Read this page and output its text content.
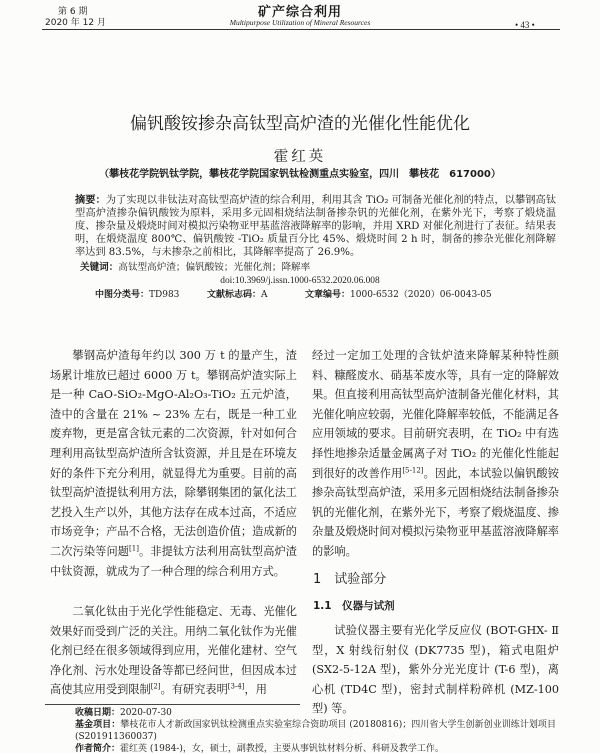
第 6 期
2020 年 12 月
矿产综合利用
Multipurpose Utilization of Mineral Resources	• 43 •
偏钒酸铵掺杂高钛型高炉渣的光催化性能优化
霍红英
（攀枝花学院钒钛学院，攀枝花学院国家钒钛检测重点实验室，四川　攀枝花　617000）
摘要：为了实现以非钛法对高钛型高炉渣的综合利用，利用其含 TiO₂ 可制备光催化剂的特点，以攀钢高钛型高炉渣掺杂偏钒酸铵为原料，采用多元固相烧结法制备掺杂钒的光催化剂，在紫外光下，考察了煅烧温度、掺杂量及煅烧时间对模拟污染物亚甲基蓝溶液降解率的影响，并用 XRD 对催化剂进行了表征。结果表明，在煅烧温度 800℃、偏钒酸铵 -TiO₂ 质量百分比 45%、煅烧时间 2 h 时，制备的掺杂光催化剂降解率达到 83.5%，与未掺杂之前相比，其降解率提高了 26.9%。
关键词：高钛型高炉渣；偏钒酸铵；光催化剂；降解率
doi:10.3969/j.issn.1000-6532.2020.06.008
中图分类号：TD983	文献标志码：A	文章编号：1000-6532（2020）06-0043-05

攀钢高炉渣每年约以 300 万 t 的量产生，渣场累计堆放已超过 6000 万 t。攀钢高炉渣实际上是一种 CaO-SiO₂-MgO-Al₂O₃-TiO₂ 五元炉渣，渣中的含量在 21% ~ 23% 左右，既是一种工业废弃物，更是富含钛元素的二次资源，针对如何合理利用高钛型高炉渣所含钛资源，并且是在环境友好的条件下充分利用，就显得尤为重要。目前的高钛型高炉渣提钛利用方法，除攀钢集团的氯化法工艺投入生产以外，其他方法存在成本过高，不适应市场竞争；产品不合格，无法创造价值；造成新的二次污染等问题[1]。非提钛方法利用高钛型高炉渣中钛资源，就成为了一种合理的综合利用方式。

二氧化钛由于光化学性能稳定、无毒、光催化效果好而受到广泛的关注。用纳二氧化钛作为光催化剂已经在很多领域得到应用，光催化建材、空气净化剂、污水处理设备等都已经问世，但因成本过高使其应用受到限制[2]。有研究表明[3-4]，用

经过一定加工处理的含钛炉渣来降解某种特性颜料、糠醛废水、硝基苯废水等，具有一定的降解效果。但直接利用高钛型高炉渣制备光催化材料，其光催化响应较弱，光催化降解率较低，不能满足各应用领域的要求。目前研究表明，在 TiO₂ 中有选择性地掺杂适量金属离子对 TiO₂ 的光催化性能起到很好的改善作用[5-12]。因此，本试验以偏钒酸铵掺杂高钛型高炉渣，采用多元固相烧结法制备掺杂钒的光催化剂，在紫外光下，考察了煅烧温度、掺杂量及煅烧时间对模拟污染物亚甲基蓝溶液降解率的影响。

1　试验部分
1.1　仪器与试剂

试验仪器主要有光化学反应仪 (BOT-GHX- Ⅱ型，X 射线衍射仪 (DK7735 型)，箱式电阻炉 (SX2-5-12A 型)，紫外分光光度计 (T-6 型)，离心机 (TD4C 型)，密封式制样粉碎机 (MZ-100 型) 等。

收稿日期：2020-07-30
基金项目：攀枝花市人才新政国家钒钛检测重点实验室综合资助项目 (20180816)；四川省大学生创新创业训练计划项目 (S201911360037)
作者简介：霍红英 (1984-)，女，硕士，副教授，主要从事钒钛材料分析、科研及教学工作。
